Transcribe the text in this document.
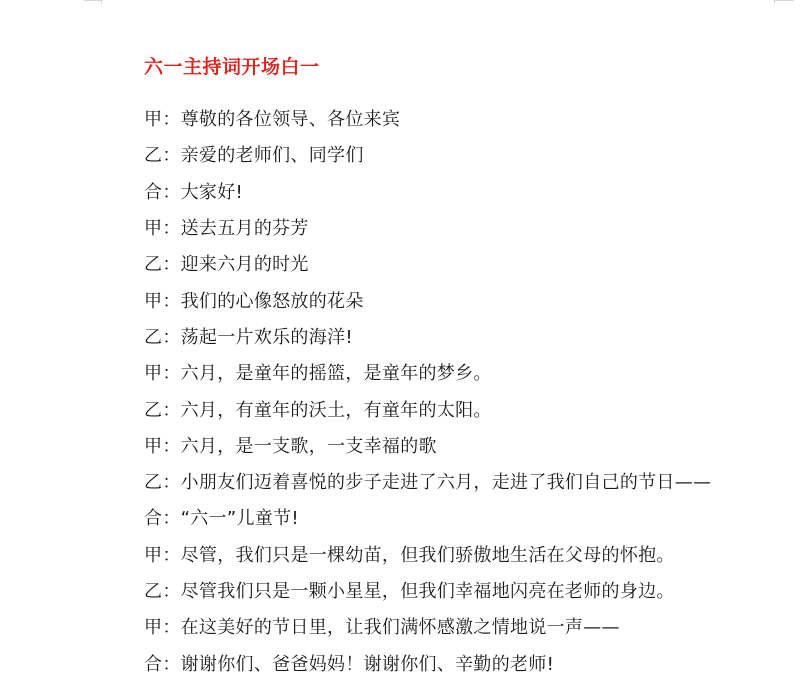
六一主持词开场白一
甲 ： 尊敬的各位领导、各位来宾
乙 ： 亲爱的老师们、同学们
合 ： 大家好!
甲 ： 送去五月的芬芳
乙 ： 迎来六月的时光
甲 ： 我们的心像怒放的花朵
乙 ： 荡起一片欢乐的海洋!
甲 ： 六月，是童年的摇篮，是童年的梦乡。
乙 ： 六月，有童年的沃土，有童年的太阳。
甲 ： 六月，是一支歌，一支幸福的歌
乙 ： 小朋友们迈着喜悦的步子走进了六月，走进了我们自己的节日——
合 ： “六一”儿童节!
甲 ： 尽管，我们只是一棵幼苗，但我们骄傲地生活在父母的怀抱。
乙 ： 尽管我们只是一颗小星星，但我们幸福地闪亮在老师的身边。
甲 ： 在这美好的节日里，让我们满怀感激之情地说一声——
合 ： 谢谢你们、爸爸妈妈！谢谢你们、辛勤的老师!
